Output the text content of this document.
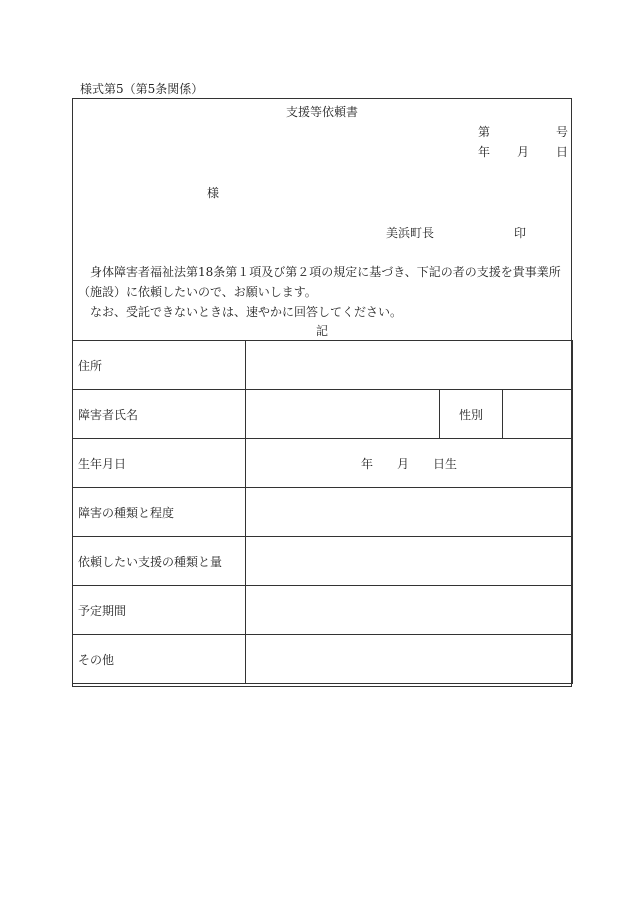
様式第5（第5条関係）
支援等依頼書
第	号
年 月 日
様
美浜町長	印

身体障害者福祉法第18条第１項及び第２項の規定に基づき、下記の者の支援を貴事業所（施設）に依頼したいので、お願いします。

なお、受託できないときは、速やかに回答してください。

記
住所			
障害者氏名		性別	
生年月日	年　　月　　日生		
障害の種類と程度			
依頼したい支援の種類と量			
予定期間			
その他			
